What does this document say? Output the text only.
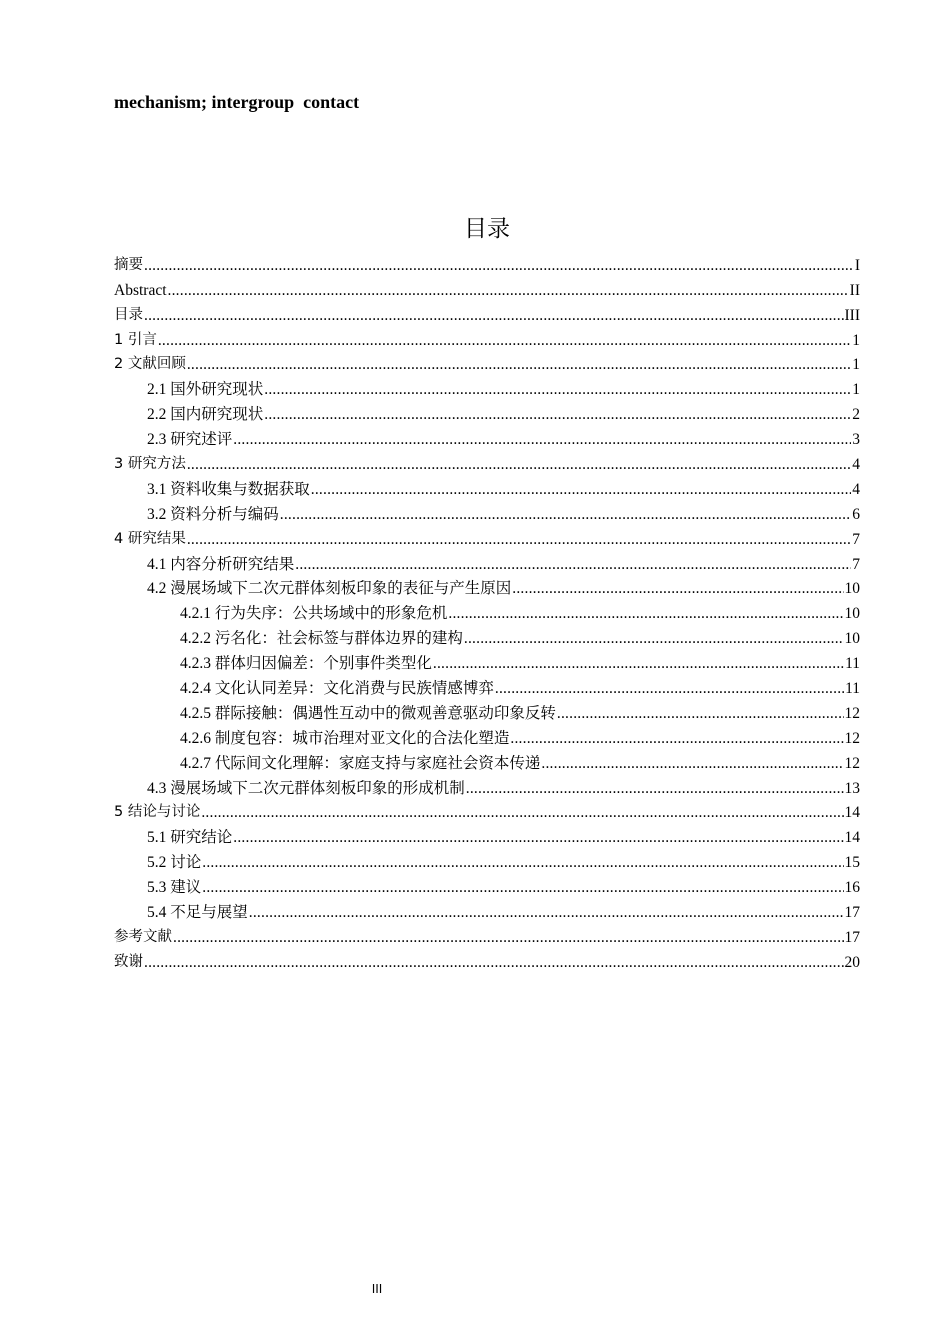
mechanism; intergroup  contact
目录
摘要 .....	I
Abstract .....	II
目录 .....	III
1 引言 .....	1
2 文献回顾 .....	1
2.1 国外研究现状 .....	1
2.2 国内研究现状 .....	2
2.3 研究述评 .....	3
3 研究方法 .....	4
3.1 资料收集与数据获取 .....	4
3.2 资料分析与编码 .....	6
4 研究结果 .....	7
4.1 内容分析研究结果 .....	7
4.2 漫展场域下二次元群体刻板印象的表征与产生原因 .....	10
4.2.1 行为失序：公共场域中的形象危机 .....	10
4.2.2 污名化：社会标签与群体边界的建构 .....	10
4.2.3 群体归因偏差：个别事件类型化 .....	11
4.2.4 文化认同差异：文化消费与民族情感博弈 .....	11
4.2.5 群际接触：偶遇性互动中的微观善意驱动印象反转 .....	12
4.2.6 制度包容：城市治理对亚文化的合法化塑造 .....	12
4.2.7 代际间文化理解：家庭支持与家庭社会资本传递 .....	12
4.3 漫展场域下二次元群体刻板印象的形成机制 .....	13
5 结论与讨论 .....	14
5.1 研究结论 .....	14
5.2 讨论 .....	15
5.3 建议 .....	16
5.4 不足与展望 .....	17
参考文献 .....	17
致谢 .....	20
III
